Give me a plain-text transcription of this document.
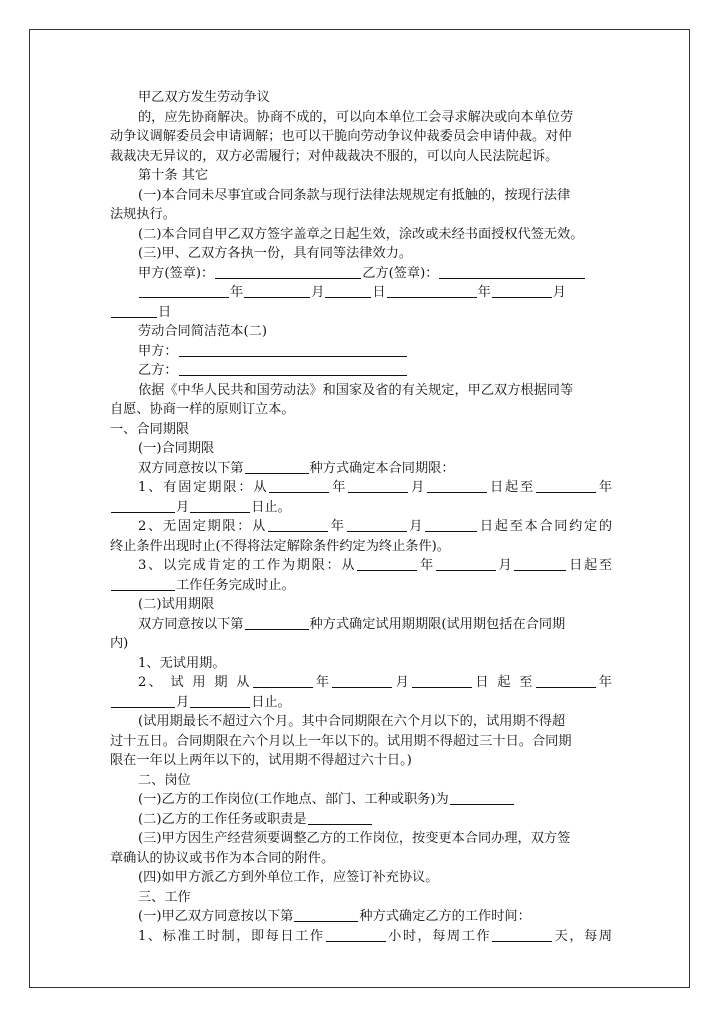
甲乙双方发生劳动争议
的，应先协商解决。协商不成的，可以向本单位工会寻求解决或向本单位劳
动争议调解委员会申请调解；也可以干脆向劳动争议仲裁委员会申请仲裁。对仲
裁裁决无异议的，双方必需履行；对仲裁裁决不服的，可以向人民法院起诉。
第十条 其它
(一)本合同未尽事宜或合同条款与现行法律法规规定有抵触的，按现行法律
法规执行。
(二)本合同自甲乙双方签字盖章之日起生效，涂改或未经书面授权代签无效。
(三)甲、乙双方各执一份，具有同等法律效力。
甲方(签章)：	乙方(签章)：
年	月	日	年	月
日
劳动合同简洁范本(二)
甲方：
乙方：
依据《中华人民共和国劳动法》和国家及省的有关规定，甲乙双方根据同等
自愿、协商一样的原则订立本。
一、合同期限
(一)合同期限
双方同意按以下第	种方式确定本合同期限：
1、有固定期限：从	年	月	日起至	年
月	日止。
2、无固定期限：从	年	月	日起至本合同约定的
终止条件出现时止(不得将法定解除条件约定为终止条件)。
3、以完成肯定的工作为期限：从	年	月	日起至
工作任务完成时止。
(二)试用期限
双方同意按以下第	种方式确定试用期期限(试用期包括在合同期
内)
1、无试用期。
2、 试 用 期 从	年	月	日 起 至	年
月	日止。
(试用期最长不超过六个月。其中合同期限在六个月以下的，试用期不得超
过十五日。合同期限在六个月以上一年以下的。试用期不得超过三十日。合同期
限在一年以上两年以下的，试用期不得超过六十日。)
二、岗位
(一)乙方的工作岗位(工作地点、部门、工种或职务)为
(二)乙方的工作任务或职责是
(三)甲方因生产经营须要调整乙方的工作岗位，按变更本合同办理，双方签
章确认的协议或书作为本合同的附件。
(四)如甲方派乙方到外单位工作，应签订补充协议。
三、工作
(一)甲乙双方同意按以下第	种方式确定乙方的工作时间：
1、标准工时制，即每日工作	小时，每周工作	天，每周
